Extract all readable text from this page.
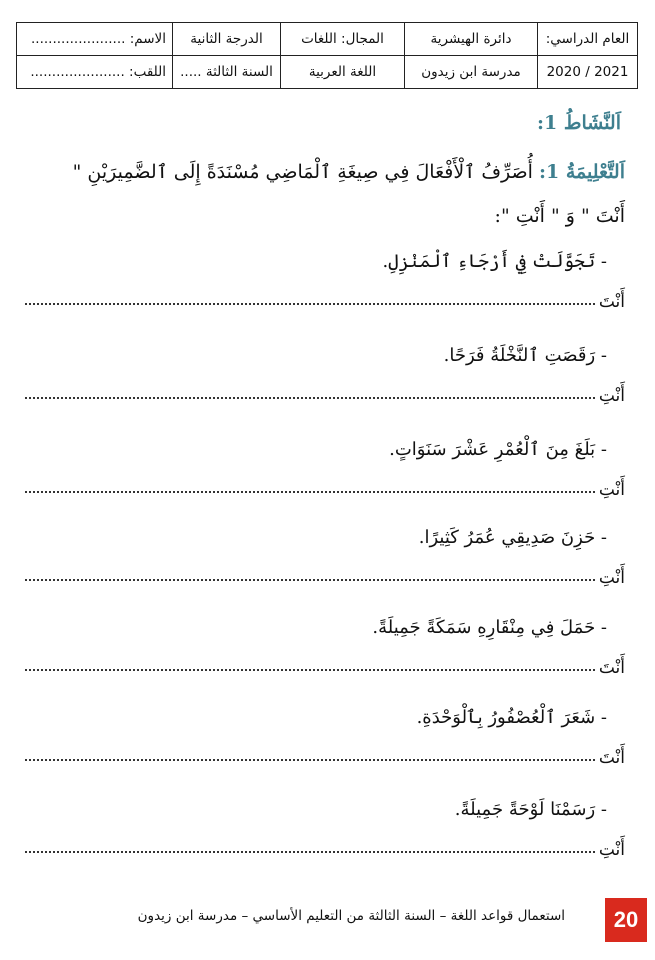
العام الدراسي:	دائرة الهيشرية	المجال: اللغات	الدرجة الثانية	الاسم: ......................
2021 / 2020	مدرسة ابن زيدون	اللغة العربية	السنة الثالثة .....	اللقب: ......................
اَلنَّشَاطُ 1:
اَلتَّعْلِيمَةُ 1: أُصَرِّفُ ٱلْأَفْعَالَ فِي صِيغَةِ ٱلْمَاضِي مُسْنَدَةً إِلَى ٱلضَّمِيرَيْنِ " أَنْتَ " وَ " أَنْتِ ":
- تَجَوَّلَتْ فِي أَرْجَاءِ ٱلْمَنْزِلِ.
أَنْتَ
- رَقَصَتِ ٱلنَّخْلَةُ فَرَحًا.
أَنْتِ
- بَلَغَ مِنَ ٱلْعُمْرِ عَشْرَ سَنَوَاتٍ.
أَنْتِ
- حَزِنَ صَدِيقِي عُمَرُ كَثِيرًا.
أَنْتِ
- حَمَلَ فِي مِنْقَارِهِ سَمَكَةً جَمِيلَةً.
أَنْتَ
- شَعَرَ ٱلْعُصْفُورُ بِٱلْوَحْدَةِ.
أَنْتَ
- رَسَمْنَا لَوْحَةً جَمِيلَةً.
أَنْتِ
استعمال قواعد اللغة – السنة الثالثة من التعليم الأساسي – مدرسة ابن زيدون	20
